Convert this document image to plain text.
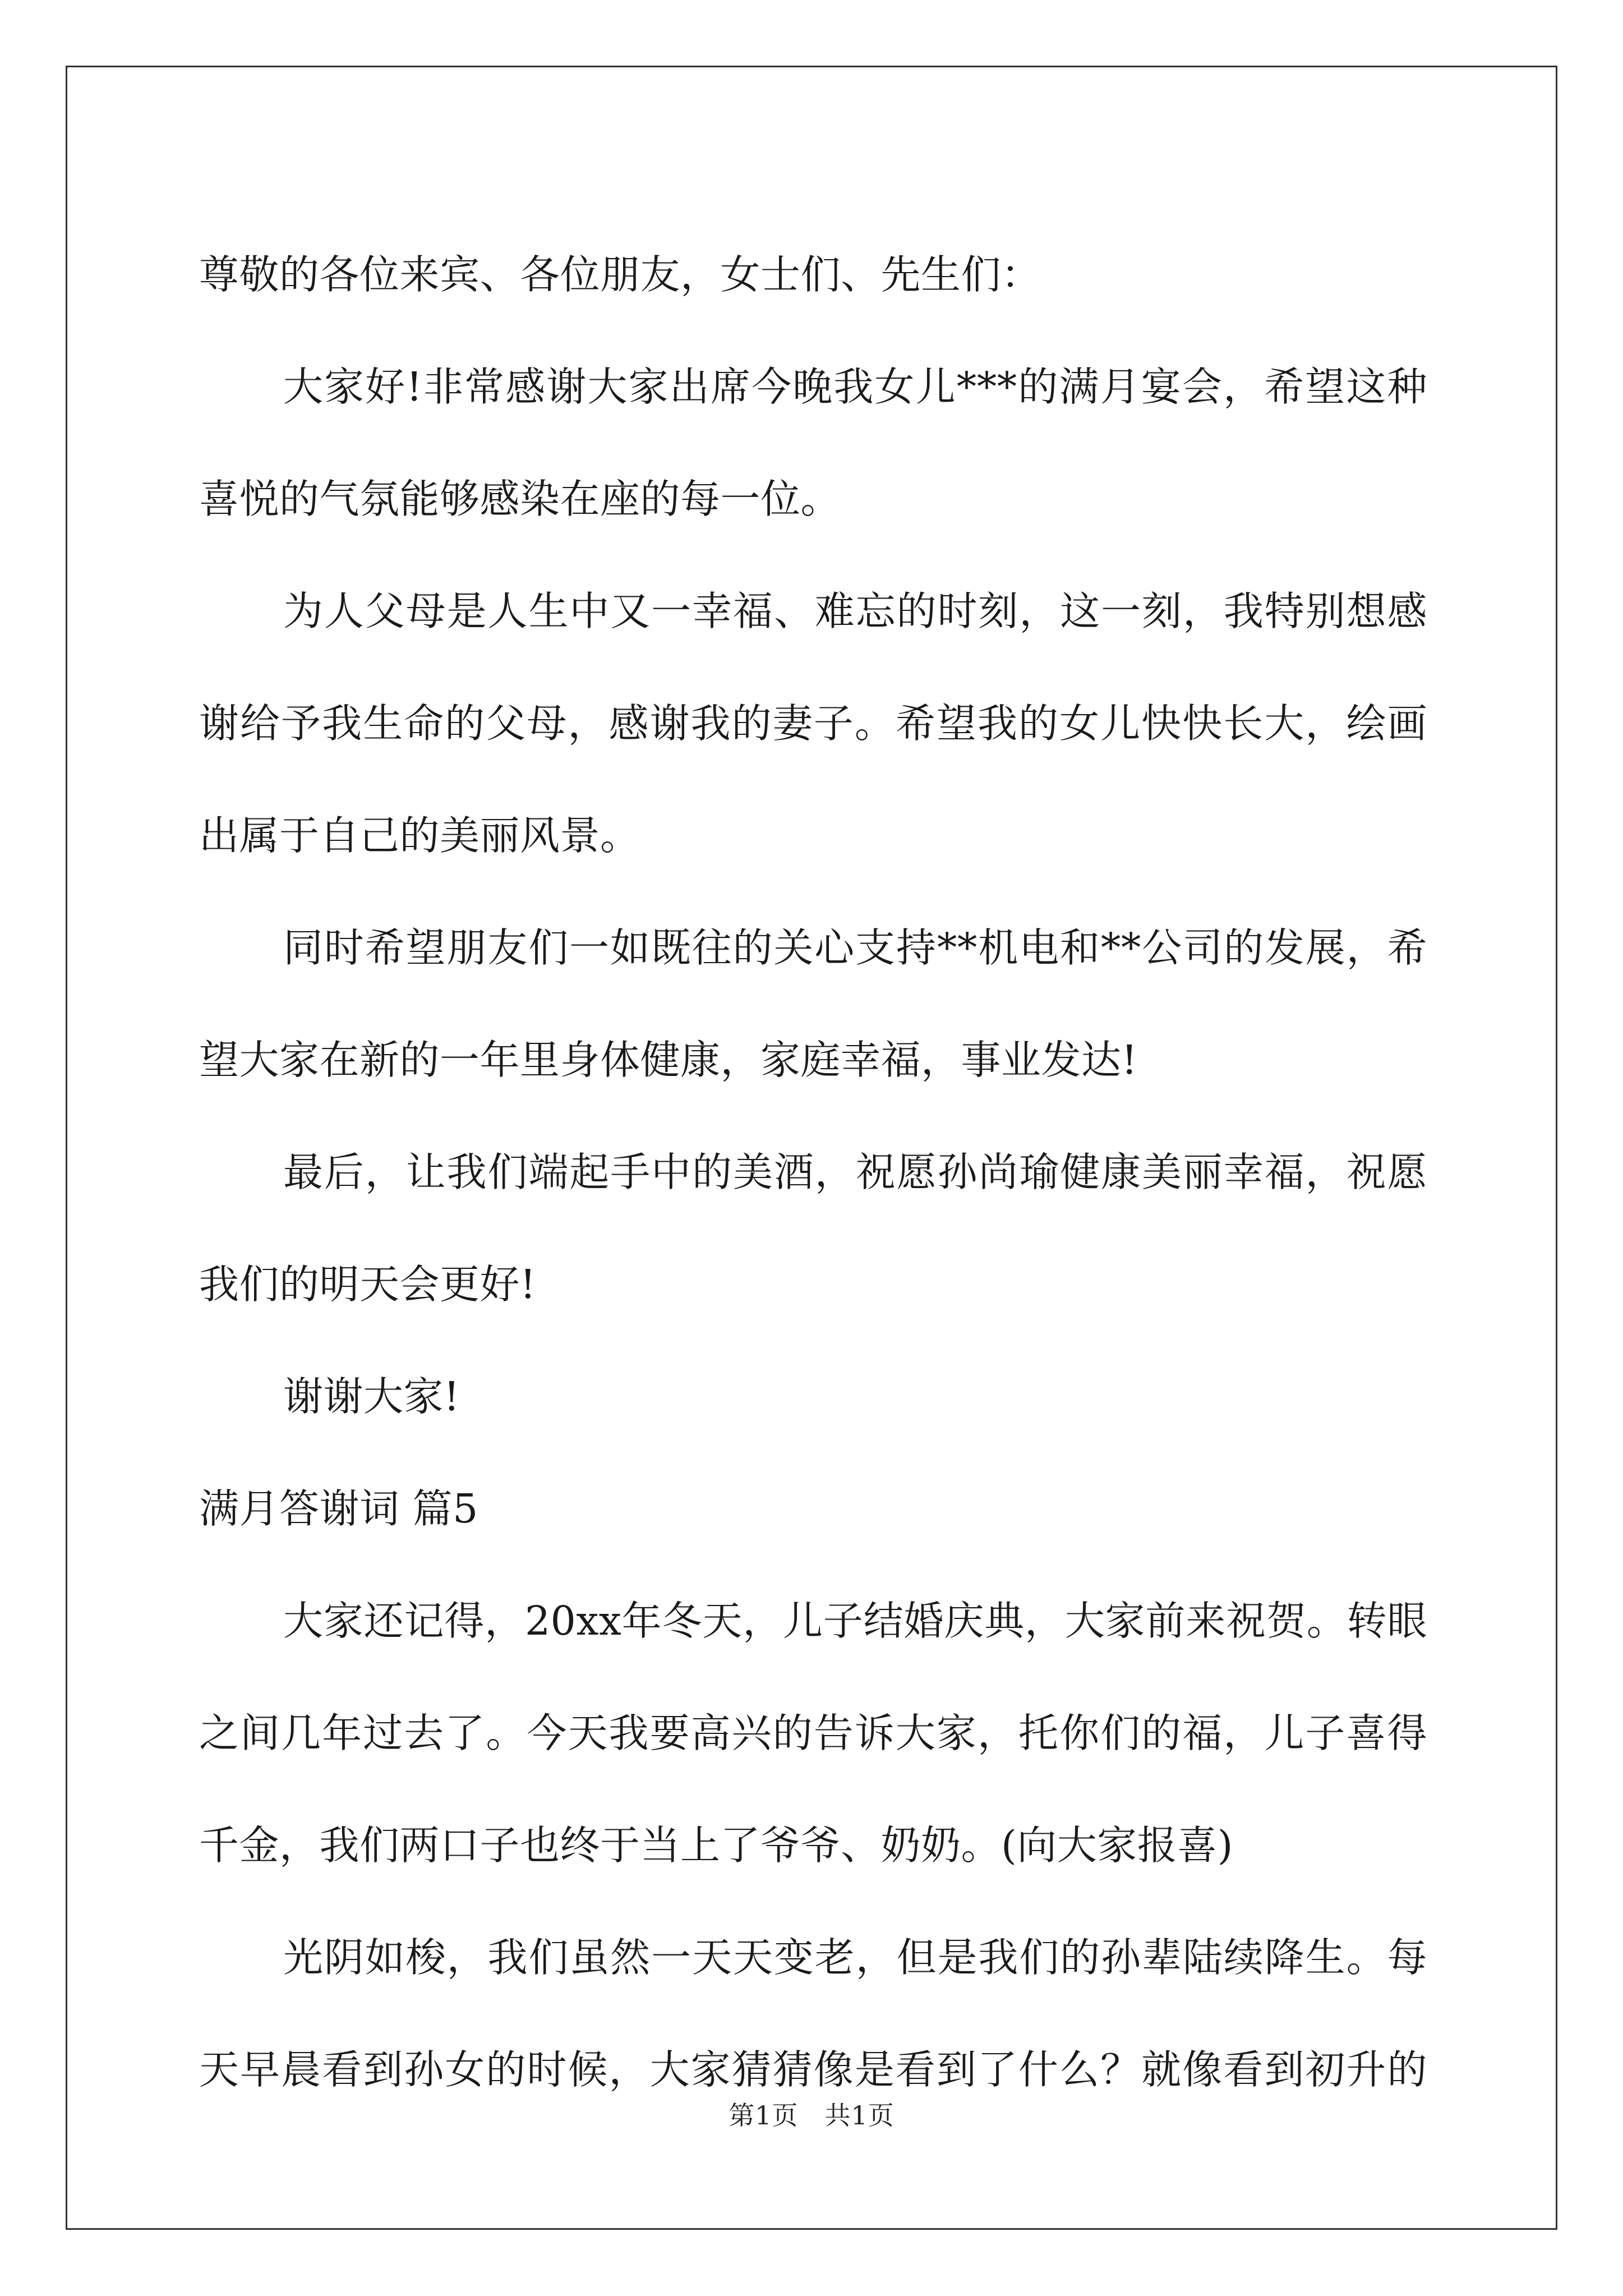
尊敬的各位来宾、各位朋友，女士们、先生们：
大家好!非常感谢大家出席今晚我女儿***的满月宴会，希望这种
喜悦的气氛能够感染在座的每一位。
为人父母是人生中又一幸福、难忘的时刻，这一刻，我特别想感
谢给予我生命的父母，感谢我的妻子。希望我的女儿快快长大，绘画
出属于自己的美丽风景。
同时希望朋友们一如既往的关心支持**机电和**公司的发展，希
望大家在新的一年里身体健康，家庭幸福，事业发达!
最后，让我们端起手中的美酒，祝愿孙尚瑜健康美丽幸福，祝愿
我们的明天会更好!
谢谢大家!
满月答谢词 篇5
大家还记得，20xx年冬天，儿子结婚庆典，大家前来祝贺。转眼
之间几年过去了。今天我要高兴的告诉大家，托你们的福，儿子喜得
千金，我们两口子也终于当上了爷爷、奶奶。(向大家报喜)
光阴如梭，我们虽然一天天变老，但是我们的孙辈陆续降生。每
天早晨看到孙女的时候，大家猜猜像是看到了什么？就像看到初升的
第1页　共1页
